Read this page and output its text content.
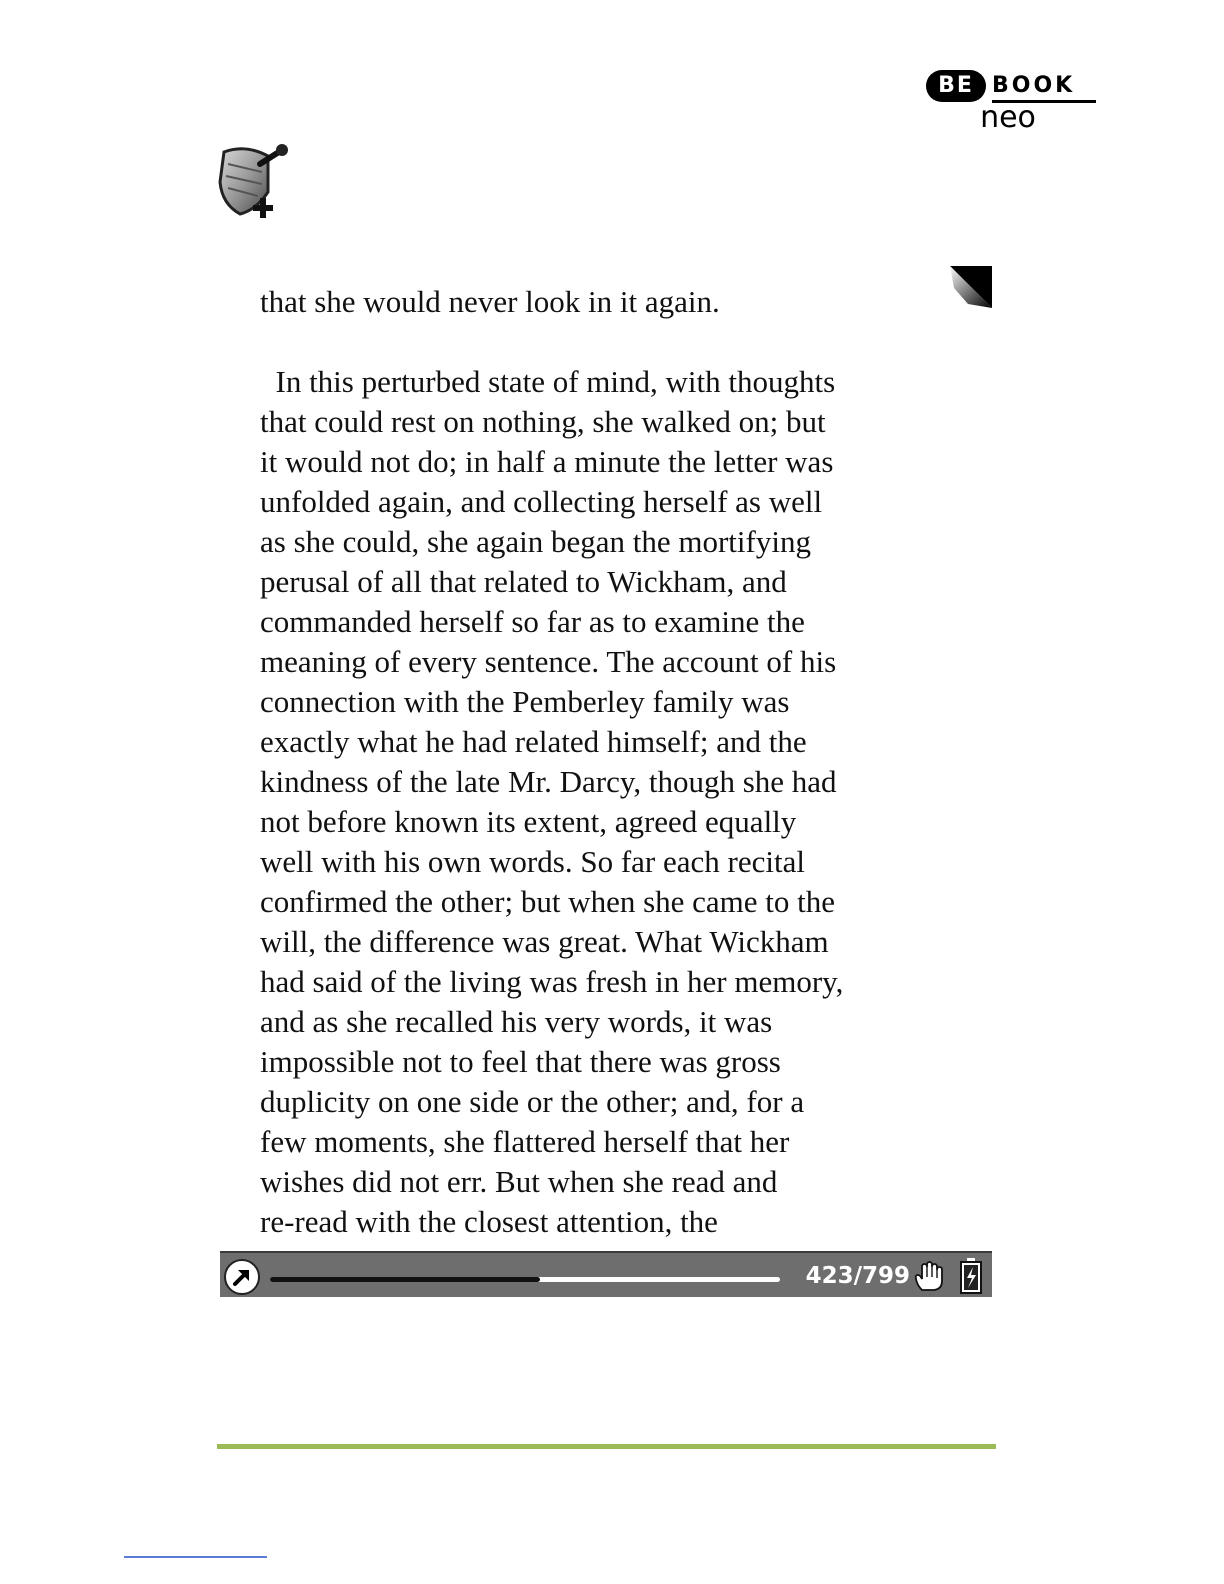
BE BOOK
neo

that she would never look in it again.

In this perturbed state of mind, with thoughts

that could rest on nothing, she walked on; but

it would not do; in half a minute the letter was

unfolded again, and collecting herself as well

as she could, she again began the mortifying

perusal of all that related to Wickham, and

commanded herself so far as to examine the

meaning of every sentence. The account of his

connection with the Pemberley family was

exactly what he had related himself; and the

kindness of the late Mr. Darcy, though she had

not before known its extent, agreed equally

well with his own words. So far each recital

confirmed the other; but when she came to the

will, the difference was great. What Wickham

had said of the living was fresh in her memory,

and as she recalled his very words, it was

impossible not to feel that there was gross

duplicity on one side or the other; and, for a

few moments, she flattered herself that her

wishes did not err. But when she read and

re-read with the closest attention, the

423/799
